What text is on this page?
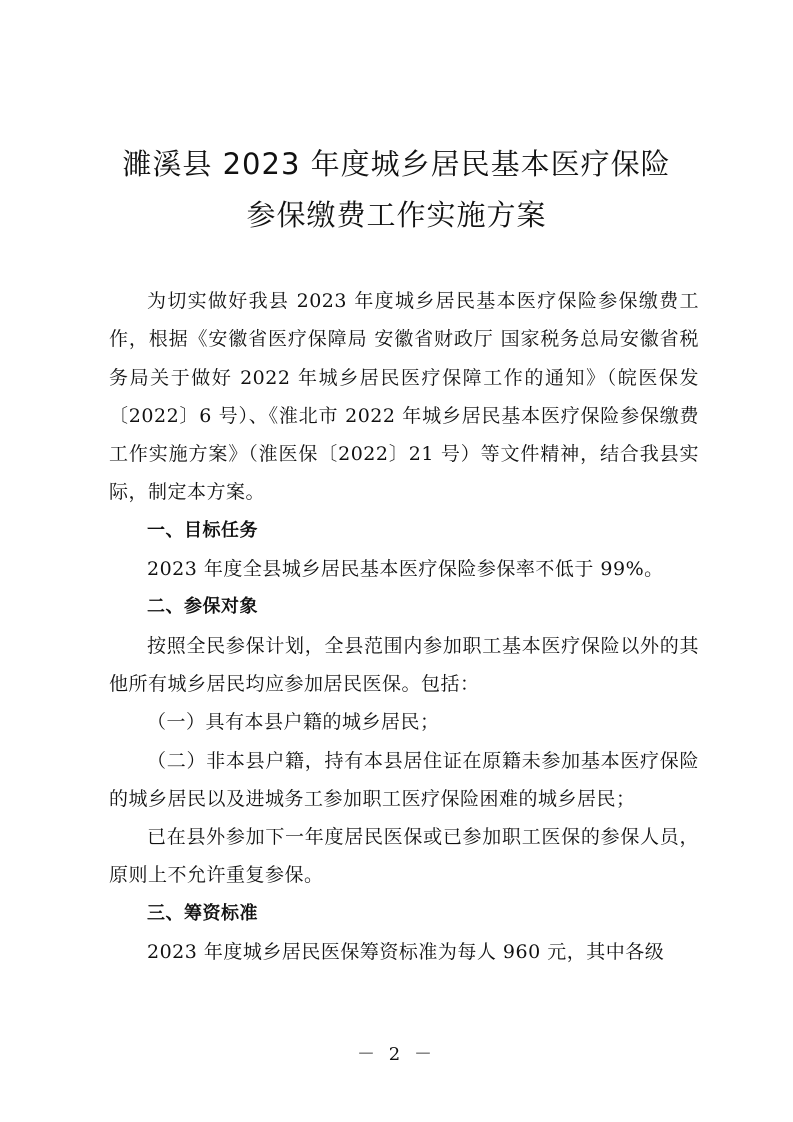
濉溪县 2023 年度城乡居民基本医疗保险
参保缴费工作实施方案

为切实做好我县 2023 年度城乡居民基本医疗保险参保缴费工作，根据《安徽省医疗保障局 安徽省财政厅 国家税务总局安徽省税务局关于做好 2022 年城乡居民医疗保障工作的通知》（皖医保发〔2022〕6 号）、《淮北市 2022 年城乡居民基本医疗保险参保缴费工作实施方案》（淮医保〔2022〕21 号）等文件精神，结合我县实际，制定本方案。

一、目标任务

2023 年度全县城乡居民基本医疗保险参保率不低于 99%。

二、参保对象

按照全民参保计划，全县范围内参加职工基本医疗保险以外的其他所有城乡居民均应参加居民医保。包括：

（一）具有本县户籍的城乡居民；

（二）非本县户籍，持有本县居住证在原籍未参加基本医疗保险的城乡居民以及进城务工参加职工医疗保险困难的城乡居民；

已在县外参加下一年度居民医保或已参加职工医保的参保人员，原则上不允许重复参保。

三、筹资标准

2023 年度城乡居民医保筹资标准为每人 960 元，其中各级

－ 2 －
